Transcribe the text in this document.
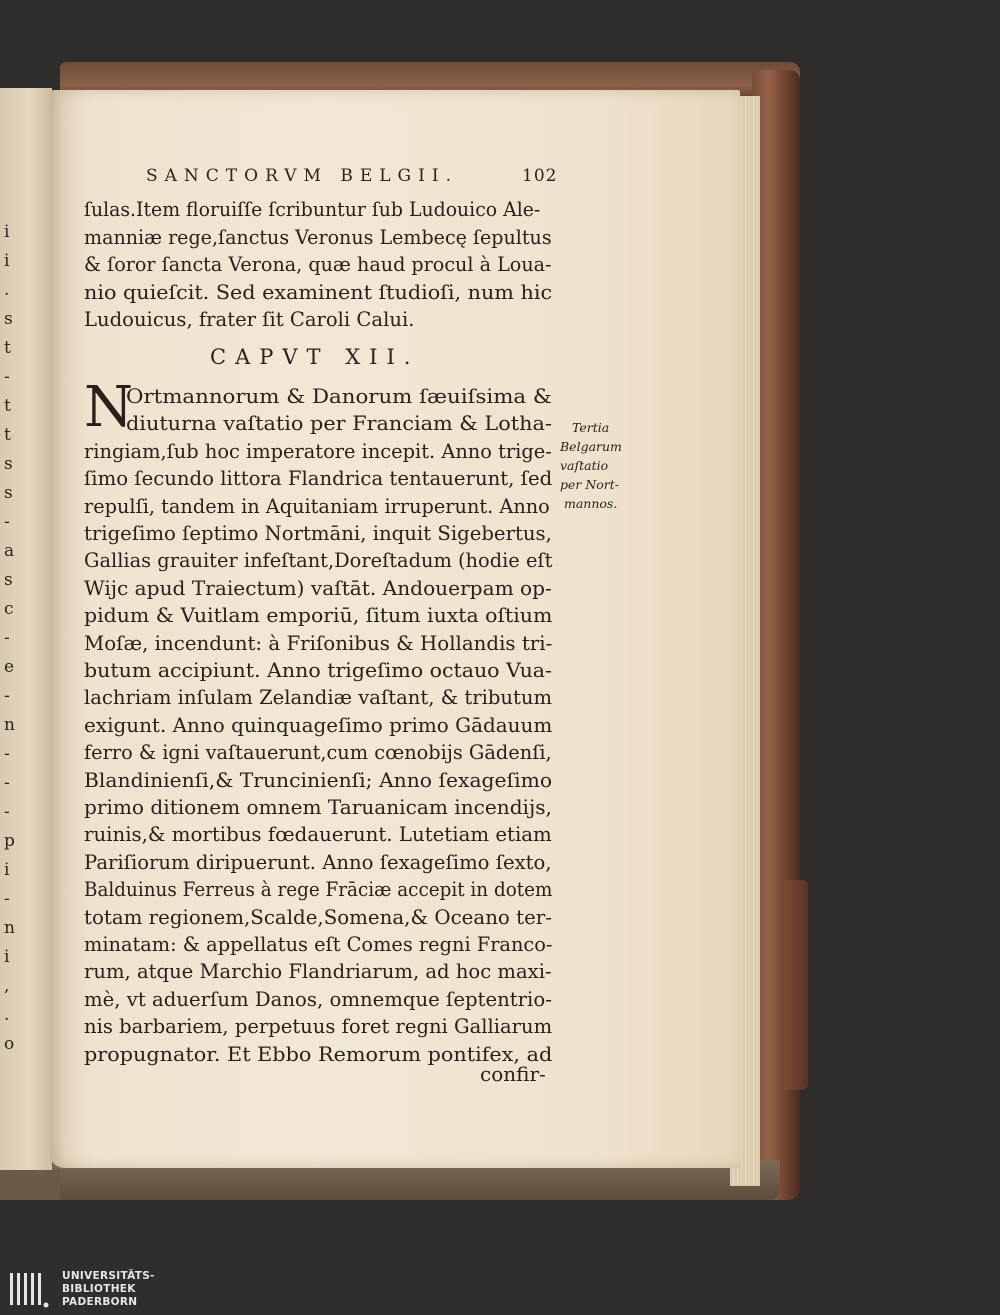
i
i
.
s
t
-
t
t
s
s
-
a
s
c
-
e
-
n
-
-
-
p
i
-
n
i
,
.
o
SANCTORVM BELGII.	102
ſulas.Item floruiſſe ſcribuntur ſub Ludouico Ale-
manniæ rege,ſanctus Veronus Lembecę ſepultus
& ſoror ſancta Verona, quæ haud procul à Loua-
nio quieſcit. Sed examinent ſtudioſi, num hic
Ludouicus, frater ſit Caroli Calui.
CAPVT XII.
N
Ortmannorum & Danorum ſæuiſsima &
diuturna vaſtatio per Franciam & Lotha-
ringiam,ſub hoc imperatore incepit. Anno trige-
ſimo ſecundo littora Flandrica tentauerunt, ſed
repulſi, tandem in Aquitaniam irruperunt. Anno
trigeſimo ſeptimo Nortmāni, inquit Sigebertus,
Gallias grauiter infeſtant,Doreſtadum (hodie eſt
Wijc apud Traiectum) vaſtāt. Andouerpam op-
pidum & Vuitlam emporiū, ſitum iuxta oſtium
Moſæ, incendunt: à Friſonibus & Hollandis tri-
butum accipiunt. Anno trigeſimo octauo Vua-
lachriam inſulam Zelandiæ vaſtant, & tributum
exigunt. Anno quinquageſimo primo Gādauum
ferro & igni vaſtauerunt,cum cœnobijs Gādenſi,
Blandinienſi,& Truncinienſi; Anno ſexageſimo
primo ditionem omnem Taruanicam incendijs,
ruinis,& mortibus fœdauerunt. Lutetiam etiam
Pariſiorum diripuerunt. Anno ſexageſimo ſexto,
Balduinus Ferreus à rege Frāciæ accepit in dotem
totam regionem,Scalde,Somena,& Oceano ter-
minatam: & appellatus eſt Comes regni Franco-
rum, atque Marchio Flandriarum, ad hoc maxi-
mè, vt aduerſum Danos, omnemque ſeptentrio-
nis barbariem, perpetuus foret regni Galliarum
propugnator. Et Ebbo Remorum pontifex, ad
Tertia
Belgarum
vaſtatio
per Nort-
mannos.
confir-
UNIVERSITÄTS-
BIBLIOTHEK
PADERBORN
